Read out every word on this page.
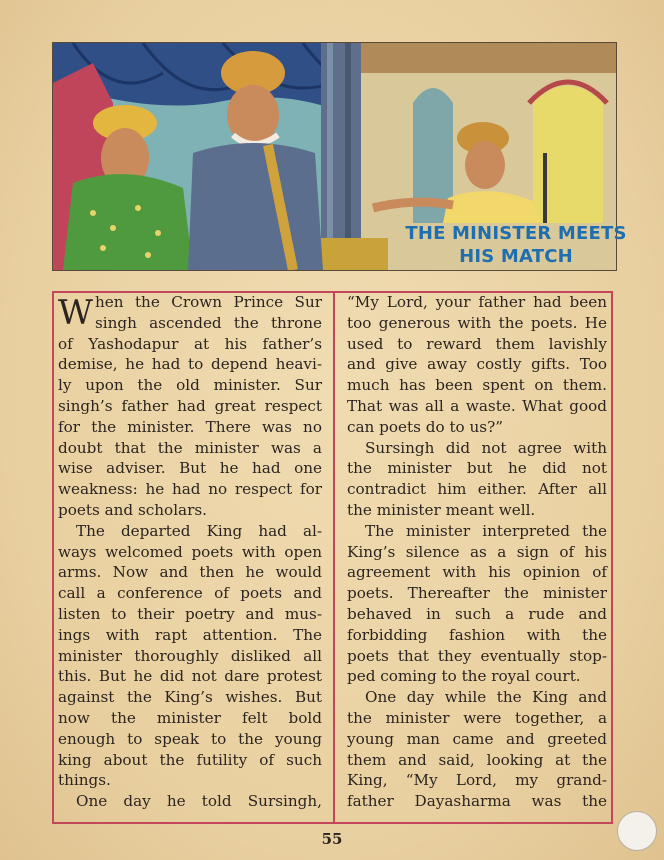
THE MINISTER MEETS
HIS MATCH
W hen the Crown Prince Sur
singh ascended the throne
of Yashodapur at his father’s
demise, he had to depend heavi-
ly upon the old minister. Sur
singh’s father had great respect
for the minister. There was no
doubt that the minister was a
wise adviser. But he had one
weakness: he had no respect for
poets and scholars.
The departed King had al-
ways welcomed poets with open
arms. Now and then he would
call a conference of poets and
listen to their poetry and mus-
ings with rapt attention. The
minister thoroughly disliked all
this. But he did not dare protest
against the King’s wishes. But
now the minister felt bold
enough to speak to the young
king about the futility of such
things.
One day he told Sursingh,
“My Lord, your father had been
too generous with the poets. He
used to reward them lavishly
and give away costly gifts. Too
much has been spent on them.
That was all a waste. What good
can poets do to us?”
Sursingh did not agree with
the minister but he did not
contradict him either. After all
the minister meant well.
The minister interpreted the
King’s silence as a sign of his
agreement with his opinion of
poets. Thereafter the minister
behaved in such a rude and
forbidding fashion with the
poets that they eventually stop-
ped coming to the royal court.
One day while the King and
the minister were together, a
young man came and greeted
them and said, looking at the
King, “My Lord, my grand-
father Dayasharma was the
55
